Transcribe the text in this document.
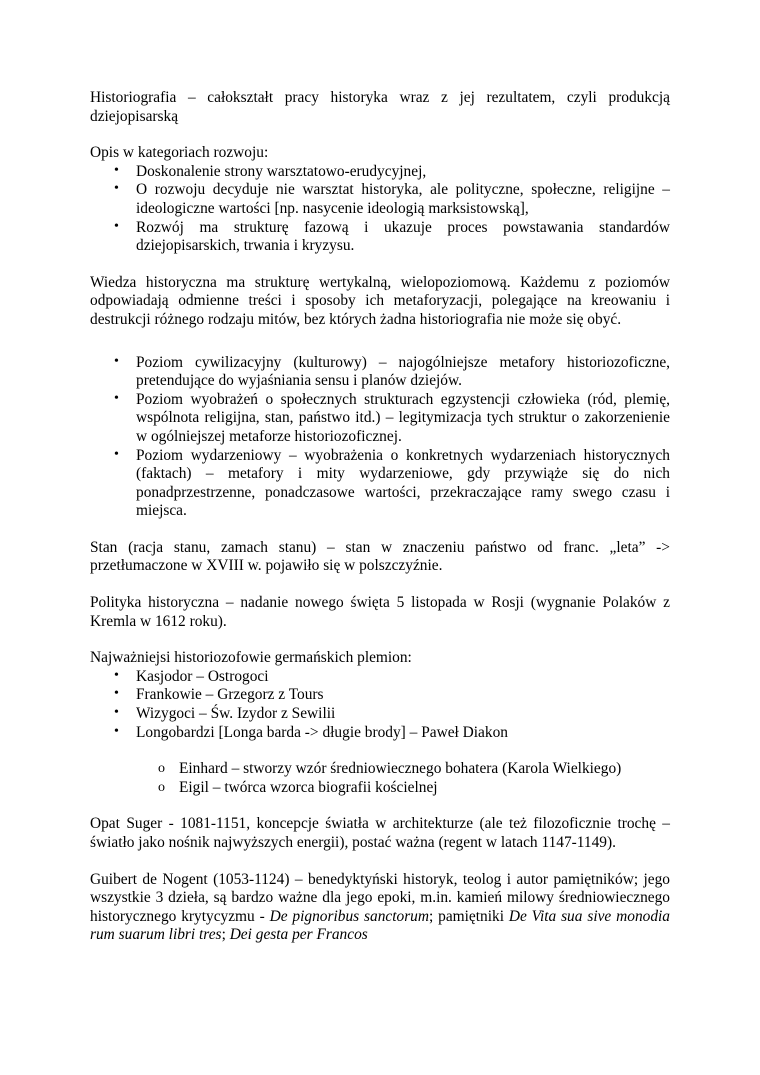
Historiografia – całokształt pracy historyka wraz z jej rezultatem, czyli produkcją dziejopisarską

Opis w kategoriach rozwoju:

• Doskonalenie strony warsztatowo-erudycyjnej,
• O rozwoju decyduje nie warsztat historyka, ale polityczne, społeczne, religijne – ideologiczne wartości [np. nasycenie ideologią marksistowską],
• Rozwój ma strukturę fazową i ukazuje proces powstawania standardów dziejopisarskich, trwania i kryzysu.

Wiedza historyczna ma strukturę wertykalną, wielopoziomową. Każdemu z poziomów odpowiadają odmienne treści i sposoby ich metaforyzacji, polegające na kreowaniu i destrukcji różnego rodzaju mitów, bez których żadna historiografia nie może się obyć.

• Poziom cywilizacyjny (kulturowy) – najogólniejsze metafory historiozoficzne, pretendujące do wyjaśniania sensu i planów dziejów.
• Poziom wyobrażeń o społecznych strukturach egzystencji człowieka (ród, plemię, wspólnota religijna, stan, państwo itd.) – legitymizacja tych struktur o zakorzenienie w ogólniejszej metaforze historiozoficznej.
• Poziom wydarzeniowy – wyobrażenia o konkretnych wydarzeniach historycznych (faktach) – metafory i mity wydarzeniowe, gdy przywiąże się do nich ponadprzestrzenne, ponadczasowe wartości, przekraczające ramy swego czasu i miejsca.

Stan (racja stanu, zamach stanu) – stan w znaczeniu państwo od franc. „leta” -> przetłumaczone w XVIII w. pojawiło się w polszczyźnie.

Polityka historyczna – nadanie nowego święta 5 listopada w Rosji (wygnanie Polaków z Kremla w 1612 roku).

Najważniejsi historiozofowie germańskich plemion:

• Kasjodor – Ostrogoci
• Frankowie – Grzegorz z Tours
• Wizygoci – Św. Izydor z Sewilii
• Longobardzi [Longa barda -> długie brody] – Paweł Diakon
o Einhard – stworzy wzór średniowiecznego bohatera (Karola Wielkiego)
o Eigil – twórca wzorca biografii kościelnej

Opat Suger - 1081-1151, koncepcje światła w architekturze (ale też filozoficznie trochę – światło jako nośnik najwyższych energii), postać ważna (regent w latach 1147-1149).

Guibert de Nogent (1053-1124) – benedyktyński historyk, teolog i autor pamiętników; jego wszystkie 3 dzieła, są bardzo ważne dla jego epoki, m.in. kamień milowy średniowiecznego historycznego krytycyzmu - De pignoribus sanctorum; pamiętniki De Vita sua sive monodia rum suarum libri tres; Dei gesta per Francos
